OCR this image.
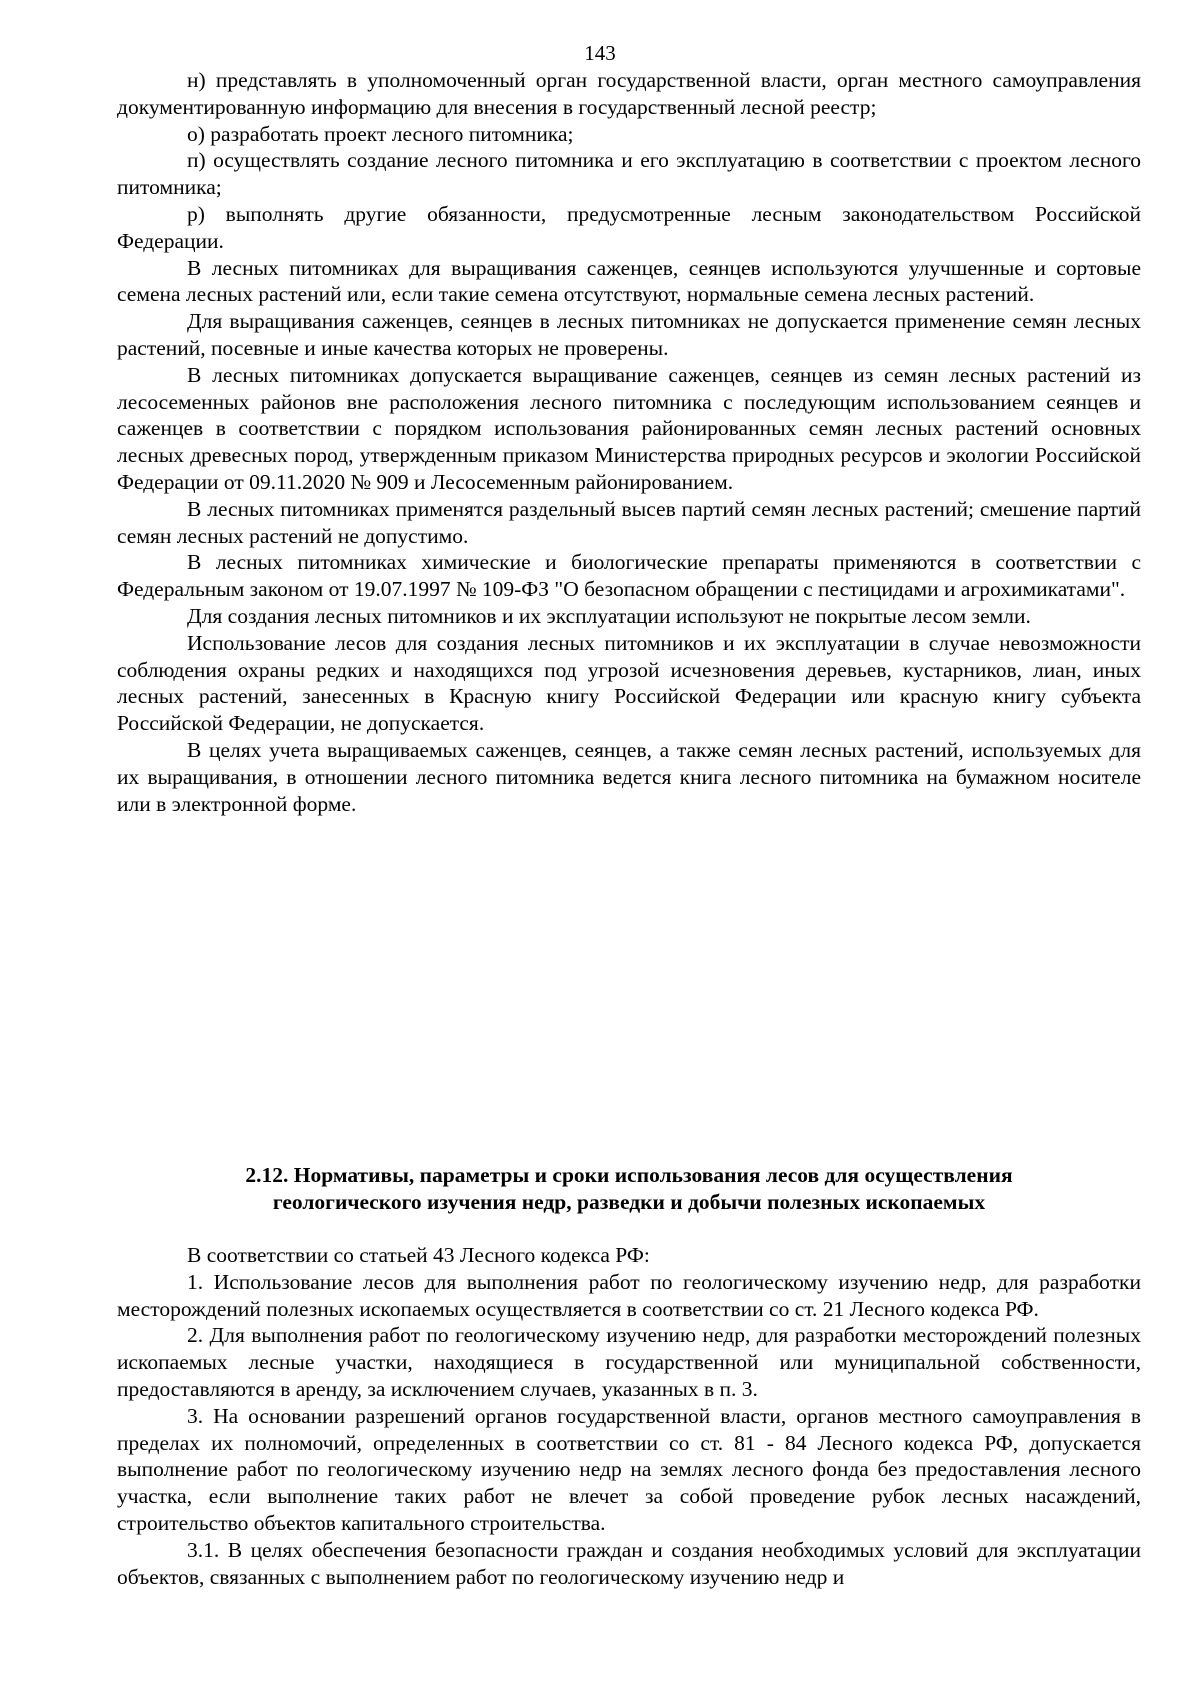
143

н) представлять в уполномоченный орган государственной власти, орган местного самоуправления документированную информацию для внесения в государственный лесной реестр;

о) разработать проект лесного питомника;

п) осуществлять создание лесного питомника и его эксплуатацию в соответствии с проектом лесного питомника;

р) выполнять другие обязанности, предусмотренные лесным законодательством Российской Федерации.

В лесных питомниках для выращивания саженцев, сеянцев используются улучшенные и сортовые семена лесных растений или, если такие семена отсутствуют, нормальные семена лесных растений.

Для выращивания саженцев, сеянцев в лесных питомниках не допускается применение семян лесных растений, посевные и иные качества которых не проверены.

В лесных питомниках допускается выращивание саженцев, сеянцев из семян лесных растений из лесосеменных районов вне расположения лесного питомника с последующим использованием сеянцев и саженцев в соответствии с порядком использования районированных семян лесных растений основных лесных древесных пород, утвержденным приказом Министерства природных ресурсов и экологии Российской Федерации от 09.11.2020 № 909 и Лесосеменным районированием.

В лесных питомниках применятся раздельный высев партий семян лесных растений; смешение партий семян лесных растений не допустимо.

В лесных питомниках химические и биологические препараты применяются в соответствии с Федеральным законом от 19.07.1997 № 109-ФЗ "О безопасном обращении с пестицидами и агрохимикатами".

Для создания лесных питомников и их эксплуатации используют не покрытые лесом земли.

Использование лесов для создания лесных питомников и их эксплуатации в случае невозможности соблюдения охраны редких и находящихся под угрозой исчезновения деревьев, кустарников, лиан, иных лесных растений, занесенных в Красную книгу Российской Федерации или красную книгу субъекта Российской Федерации, не допускается.

В целях учета выращиваемых саженцев, сеянцев, а также семян лесных растений, используемых для их выращивания, в отношении лесного питомника ведется книга лесного питомника на бумажном носителе или в электронной форме.

2.12. Нормативы, параметры и сроки использования лесов для осуществления
геологического изучения недр, разведки и добычи полезных ископаемых

В соответствии со статьей 43 Лесного кодекса РФ:

1. Использование лесов для выполнения работ по геологическому изучению недр, для разработки месторождений полезных ископаемых осуществляется в соответствии со ст. 21 Лесного кодекса РФ.

2. Для выполнения работ по геологическому изучению недр, для разработки месторождений полезных ископаемых лесные участки, находящиеся в государственной или муниципальной собственности, предоставляются в аренду, за исключением случаев, указанных в п. 3.

3. На основании разрешений органов государственной власти, органов местного самоуправления в пределах их полномочий, определенных в соответствии со ст. 81 - 84 Лесного кодекса РФ, допускается выполнение работ по геологическому изучению недр на землях лесного фонда без предоставления лесного участка, если выполнение таких работ не влечет за собой проведение рубок лесных насаждений, строительство объектов капитального строительства.

3.1. В целях обеспечения безопасности граждан и создания необходимых условий для эксплуатации объектов, связанных с выполнением работ по геологическому изучению недр и
